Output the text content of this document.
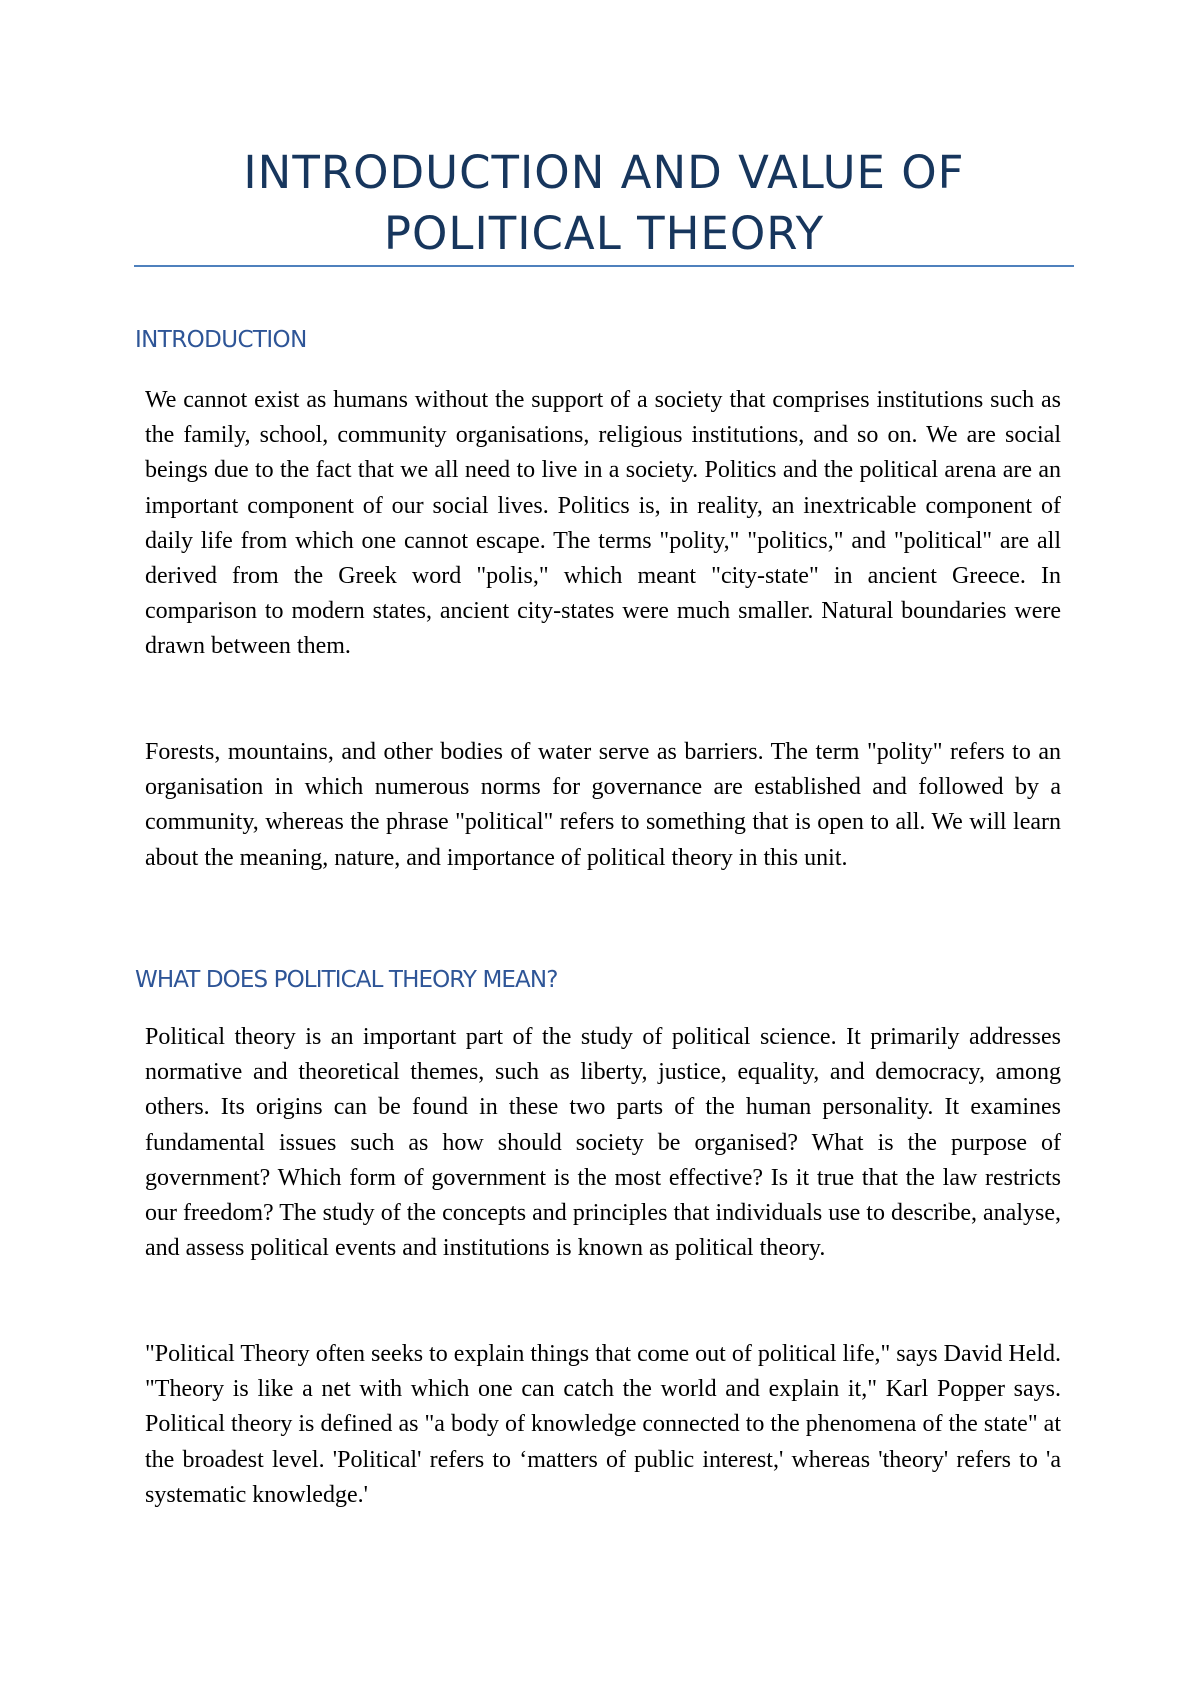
INTRODUCTION AND VALUE OF POLITICAL THEORY
INTRODUCTION

We cannot exist as humans without the support of a society that comprises institutions such as the family, school, community organisations, religious institutions, and so on. We are social beings due to the fact that we all need to live in a society. Politics and the political arena are an important component of our social lives. Politics is, in reality, an inextricable component of daily life from which one cannot escape. The terms "polity," "politics," and "political" are all derived from the Greek word "polis," which meant "city-state" in ancient Greece. In comparison to modern states, ancient city-states were much smaller. Natural boundaries were drawn between them.

Forests, mountains, and other bodies of water serve as barriers. The term "polity" refers to an organisation in which numerous norms for governance are established and followed by a community, whereas the phrase "political" refers to something that is open to all. We will learn about the meaning, nature, and importance of political theory in this unit.

WHAT DOES POLITICAL THEORY MEAN?

Political theory is an important part of the study of political science. It primarily addresses normative and theoretical themes, such as liberty, justice, equality, and democracy, among others. Its origins can be found in these two parts of the human personality. It examines fundamental issues such as how should society be organised? What is the purpose of government? Which form of government is the most effective? Is it true that the law restricts our freedom? The study of the concepts and principles that individuals use to describe, analyse, and assess political events and institutions is known as political theory.

"Political Theory often seeks to explain things that come out of political life," says David Held. "Theory is like a net with which one can catch the world and explain it," Karl Popper says. Political theory is defined as "a body of knowledge connected to the phenomena of the state" at the broadest level. 'Political' refers to ‘matters of public interest,' whereas 'theory' refers to 'a systematic knowledge.'
